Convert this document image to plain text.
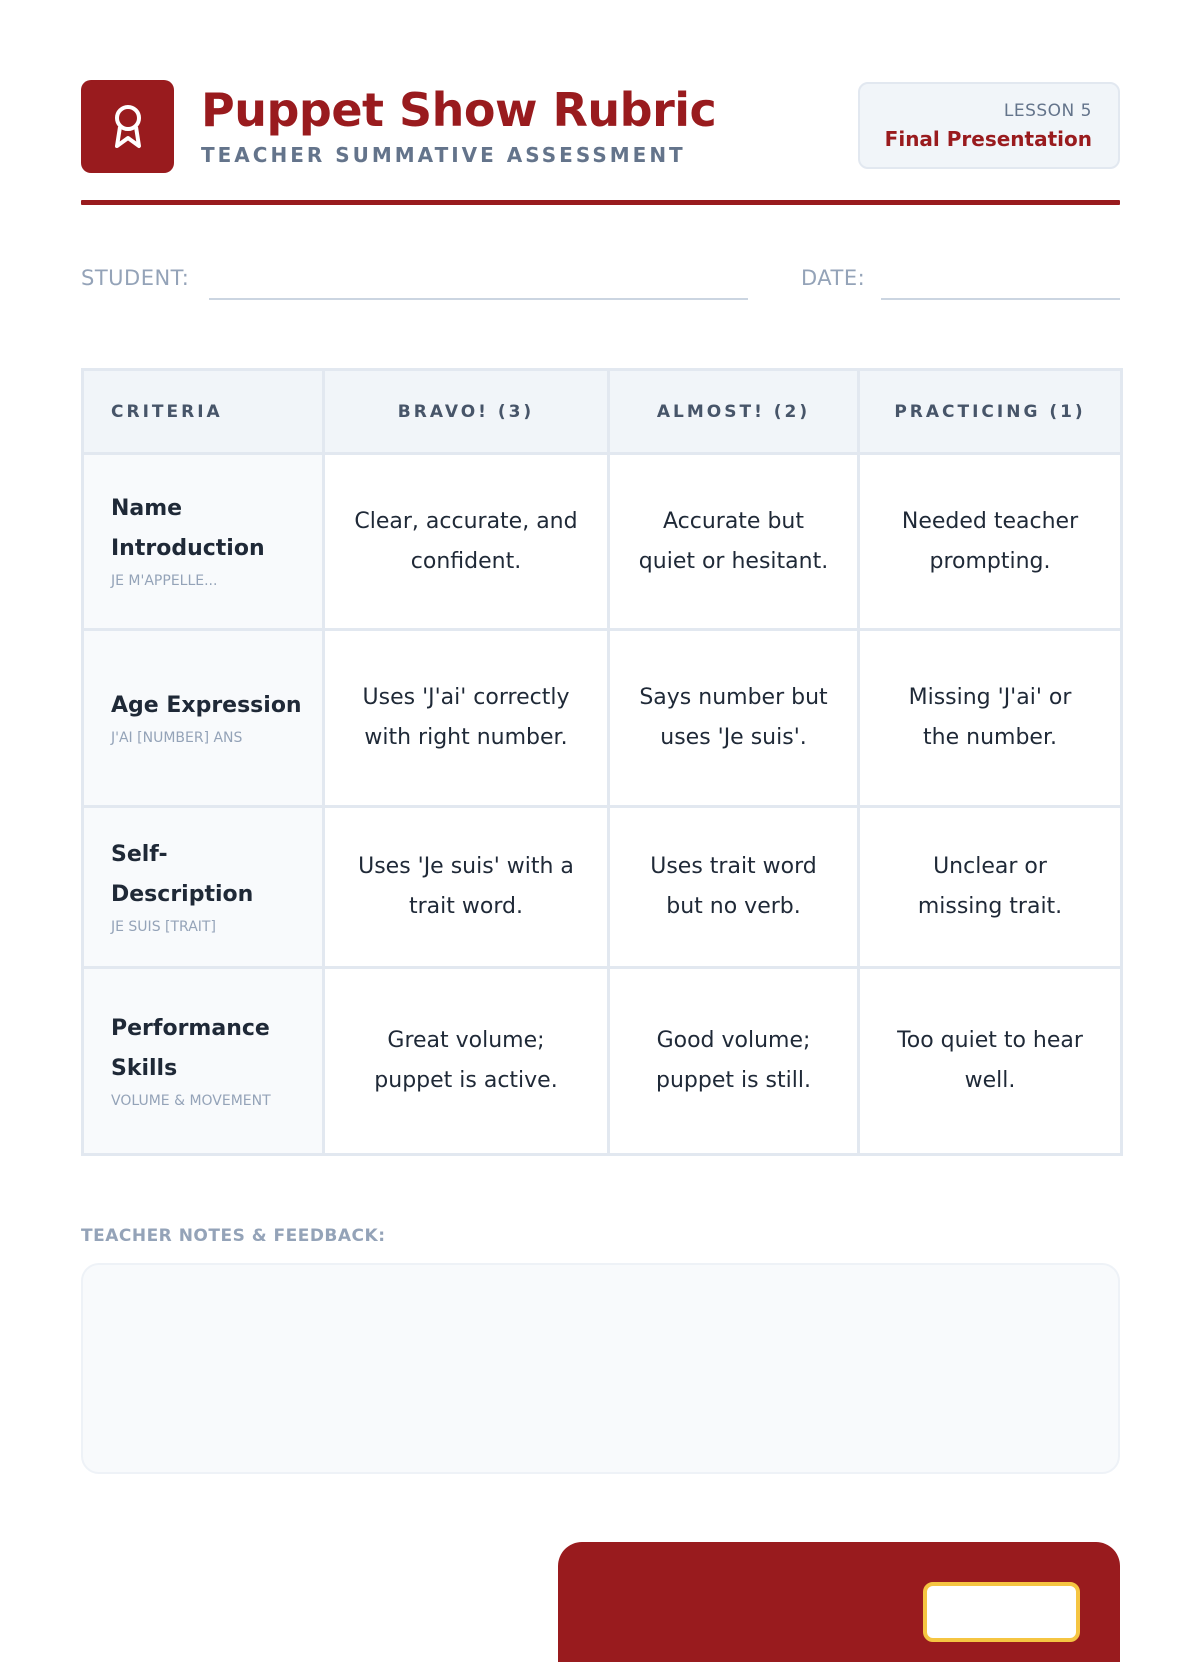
Puppet Show Rubric
TEACHER SUMMATIVE ASSESSMENT
LESSON 5
Final Presentation
STUDENT:	DATE:
CRITERIA	BRAVO! (3)	ALMOST! (2)	PRACTICING (1)

Name Introduction
JE M'APPELLE...	Clear, accurate, and confident.	Accurate but quiet or hesitant.	Needed teacher prompting.

Age Expression
J'AI [NUMBER] ANS	Uses 'J'ai' correctly with right number.	Says number but uses 'Je suis'.	Missing 'J'ai' or the number.

Self-Description
JE SUIS [TRAIT]	Uses 'Je suis' with a trait word.	Uses trait word but no verb.	Unclear or missing trait.

Performance Skills
VOLUME & MOVEMENT	Great volume; puppet is active.	Good volume; puppet is still.	Too quiet to hear well.
TEACHER NOTES & FEEDBACK:
